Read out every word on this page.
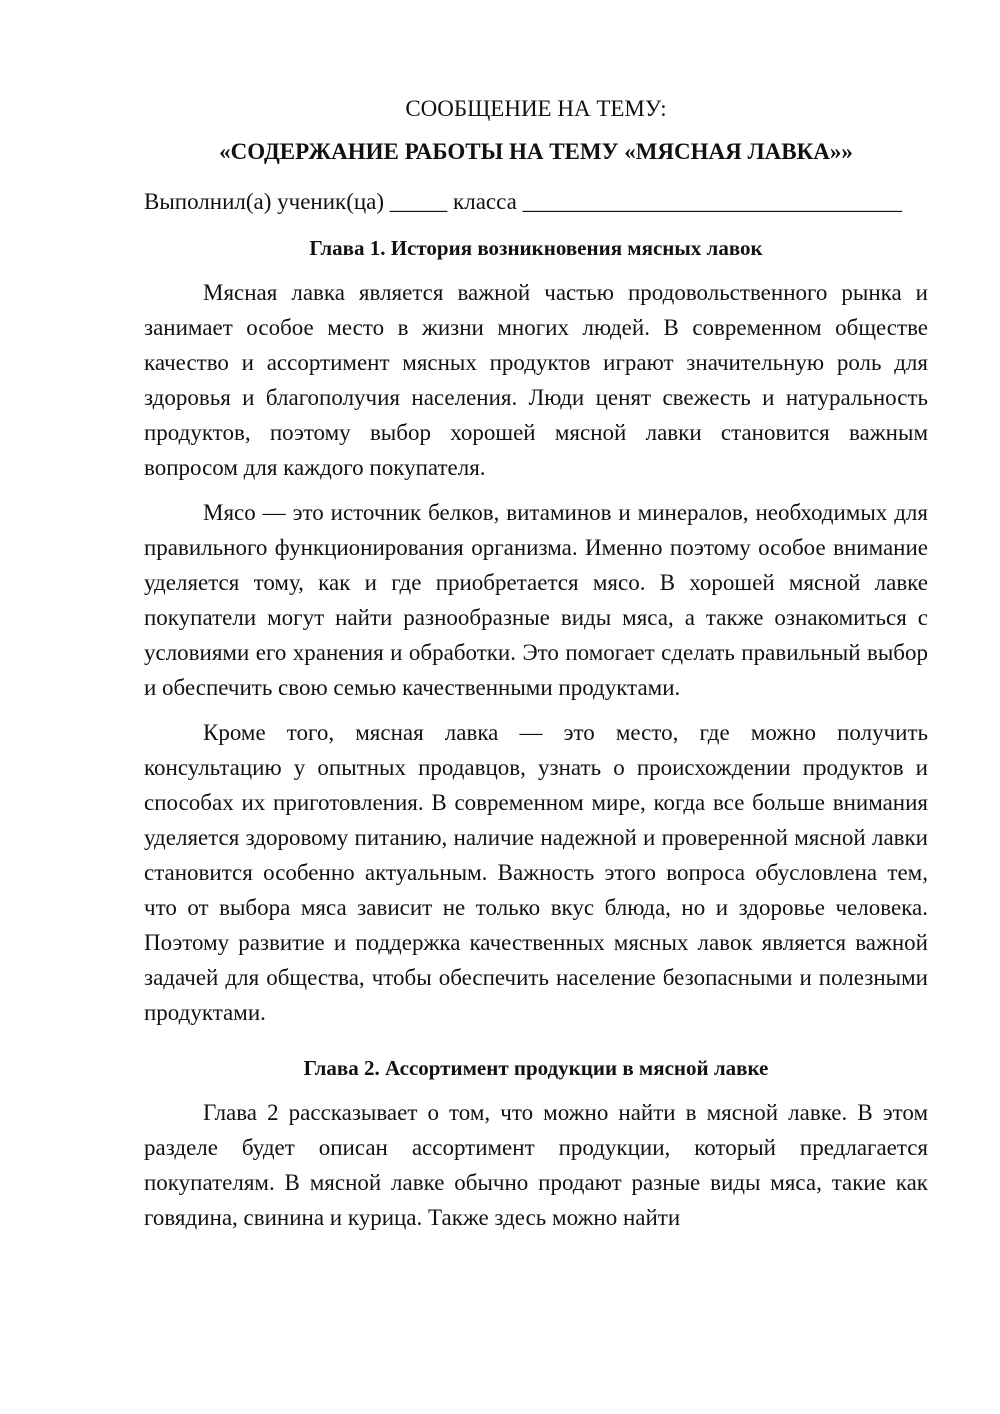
СООБЩЕНИЕ НА ТЕМУ:

«СОДЕРЖАНИЕ РАБОТЫ НА ТЕМУ «МЯСНАЯ ЛАВКА»»

Выполнил(а) ученик(ца) _____ класса _________________________________

Глава 1. История возникновения мясных лавок

Мясная лавка является важной частью продовольственного рынка и занимает особое место в жизни многих людей. В современном обществе качество и ассортимент мясных продуктов играют значительную роль для здоровья и благополучия населения. Люди ценят свежесть и натуральность продуктов, поэтому выбор хорошей мясной лавки становится важным вопросом для каждого покупателя.

Мясо — это источник белков, витаминов и минералов, необходимых для правильного функционирования организма. Именно поэтому особое внимание уделяется тому, как и где приобретается мясо. В хорошей мясной лавке покупатели могут найти разнообразные виды мяса, а также ознакомиться с условиями его хранения и обработки. Это помогает сделать правильный выбор и обеспечить свою семью качественными продуктами.

Кроме того, мясная лавка — это место, где можно получить консультацию у опытных продавцов, узнать о происхождении продуктов и способах их приготовления. В современном мире, когда все больше внимания уделяется здоровому питанию, наличие надежной и проверенной мясной лавки становится особенно актуальным. Важность этого вопроса обусловлена тем, что от выбора мяса зависит не только вкус блюда, но и здоровье человека. Поэтому развитие и поддержка качественных мясных лавок является важной задачей для общества, чтобы обеспечить население безопасными и полезными продуктами.

Глава 2. Ассортимент продукции в мясной лавке

Глава 2 рассказывает о том, что можно найти в мясной лавке. В этом разделе будет описан ассортимент продукции, который предлагается покупателям. В мясной лавке обычно продают разные виды мяса, такие как говядина, свинина и курица. Также здесь можно найти
